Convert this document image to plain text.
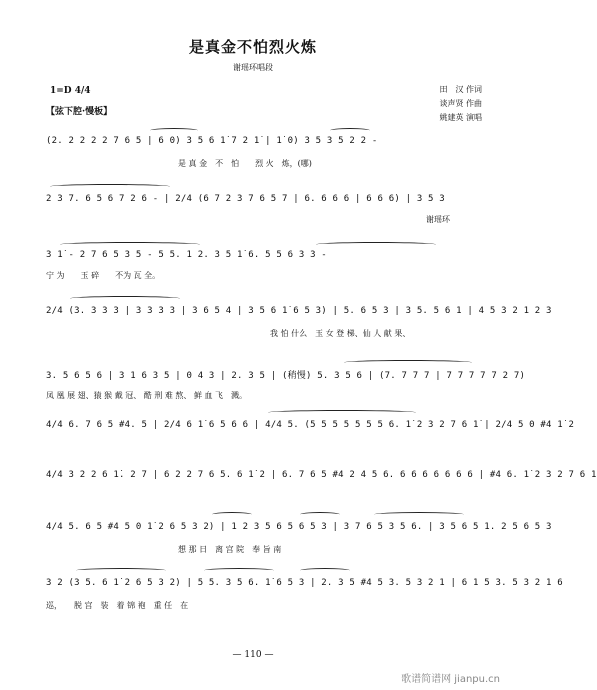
是真金不怕烈火炼
谢瑶环唱段
田　汉 作词
谈声贤 作曲
姚建英 演唱
1=D 4/4
【弦下腔·慢板】
(2. 2 2 2 2 7 6 5 | 6 0) 3 5 6 1̇ 7 2 1̇ | 1̇ 0) 3 5 3 5 2 2 -
是 真 金　不　怕　　烈 火　炼，(哪)
2 3 7. 6 5 6 7 2 6 - | 2/4 (6 7 2 3 7 6 5 7 | 6. 6 6 6 | 6 6 6) | 3 5 3
谢瑶环
3 1̇ - 2 7 6 5 3 5 - 5 5. 1 2. 3 5 1̇ 6. 5 5 6 3 3 -
宁 为　　玉 碎　　不为 瓦 全。
2/4 (3. 3 3 3 | 3 3 3 3 | 3 6 5 4 | 3 5 6 1̇ 6 5 3) | 5. 6 5 3 | 3 5. 5 6 1 | 4 5 3 2 1 2 3
我 怕 什么　玉 女 登 梯、仙 人 献 果、
3. 5 6 5 6 | 3 1 6 3 5 | 0 4 3 | 2. 3 5 | (稍慢) 5. 3 5 6 | (7. 7 7 7 | 7 7 7 7 7 2 7)
凤 凰 展 翅、猿 猴 戴 冠、 酷 刑 难 熬、 鲜 血 飞　溅。
4/4 6. 7 6 5 #4. 5 | 2/4 6 1̇ 6 5 6 6 | 4/4 5. (5 5 5 5 5 5 5 6. 1̇ 2 3 2 7 6 1̇ | 2/4 5 0 #4 1̇ 2
4/4 3 2 2 6 1̇. 2 7 | 6 2 2 7 6 5. 6 1̇ 2 | 6. 7 6 5 #4 2 4 5 6. 6 6 6 6 6 6 6 | #4 6. 1̇ 2 3 2 7 6 1̇
4/4 5. 6 5 #4 5 0 1̇ 2 6 5 3 2) | 1 2 3 5 6 5 6 5 3 | 3 7 6 5 3 5 6. | 3 5 6 5 1. 2 5 6 5 3
想 那 日　离 宫 院　奉 旨 南
3 2 (3 5. 6 1̇ 2 6 5 3 2) | 5 5. 3 5 6. 1̇ 6 5 3 | 2. 3 5 #4 5 3. 5 3 2 1 | 6 1 5 3. 5 3 2 1 6
巡，　　脱 宫　装　着 锦 袍　重 任　在
— 110 —
歌谱简谱网 jianpu.cn
